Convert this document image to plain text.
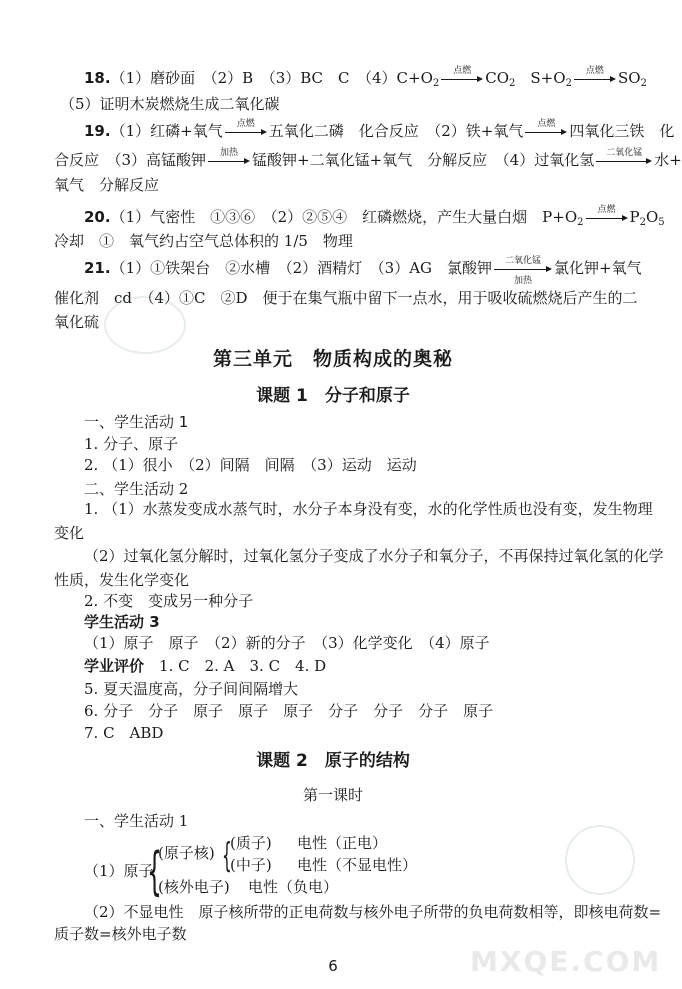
18.（1）磨砂面　（2）B　（3）BC　C　$(4)C+O_2$
点燃 $CO_2$　$S+O_2$
点燃 $SO_2$
（5）证明木炭燃烧生成二氧化碳
19.（1）红磷+氧气	点燃 五氧化二磷　化合反应　（2）铁+氧气	点燃 四氧化三铁　化
合反应　（3）高锰酸钾	加热 锰酸钾+二氧化锰+氧气　分解反应　（4）过氧化氢	二氧化锰 水+
氧气　分解反应
20.（1）气密性　①③⑥　（2）②⑤④　红磷燃烧，产生大量白烟　$P+O_2$
点燃 $P_2O_5$
冷却　①　氧气约占空气总体积的 1/5　物理
21.（1）①铁架台　②水槽　（2）酒精灯　（3）AG　氯酸钾	二氧化锰
加热
氯化钾+氧气
催化剂　cd　（4）①C　②D　便于在集气瓶中留下一点水，用于吸收硫燃烧后产生的二
氧化硫
第三单元　物质构成的奥秘
课题 1　分子和原子
一、学生活动 1
1. 分子、原子
2. （1）很小　（2）间隔　间隔　（3）运动　运动
二、学生活动 2
1. （1）水蒸发变成水蒸气时，水分子本身没有变，水的化学性质也没有变，发生物理
变化
（2）过氧化氢分解时，过氧化氢分子变成了水分子和氧分子，不再保持过氧化氢的化学
性质，发生化学变化
2. 不变　变成另一种分子
学生活动 3
（1）原子　原子　（2）新的分子　（3）化学变化　（4）原子
学业评价　 1. C　2. A　3. C　4. D
5. 夏天温度高，分子间间隔增大
6. 分子　分子　原子　原子　原子　分子　分子　分子　原子
7. C　ABD
课题 2　原子的结构
第一课时
一、学生活动 1
（1）原子
{
(原子核) {
(质子) 电性（正电）
(中子) 电性（不显电性）
(核外电子) 电性（负电）
（2）不显电性　原子核所带的正电荷数与核外电子所带的负电荷数相等，即核电荷数=
质子数=核外电子数
6	MXQE.COM
